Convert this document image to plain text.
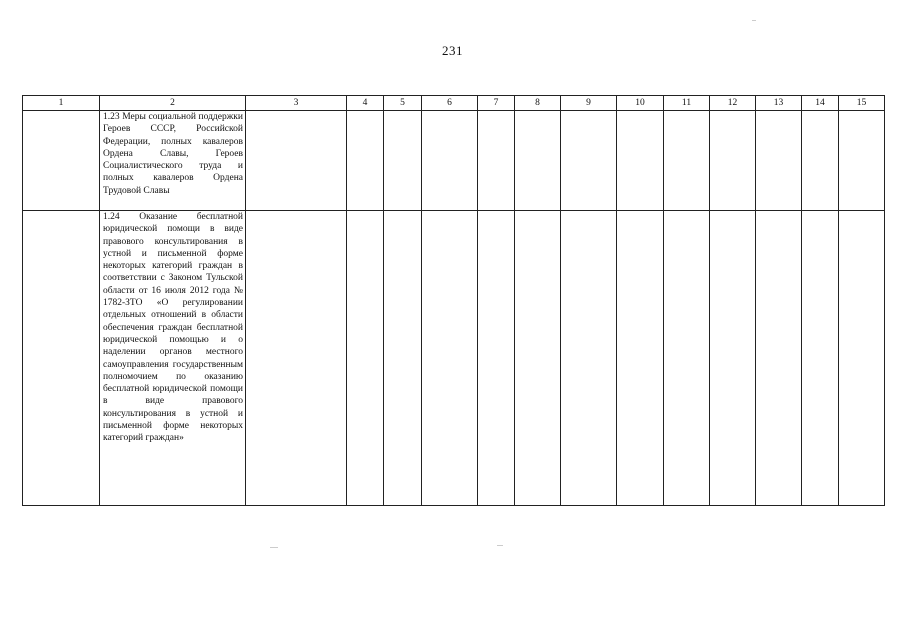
231
1	2	3	4	5	6	7	8	9	10	11	12	13	14	15
	1.23 Меры социальной поддержки Героев СССР, Российской Федерации, полных кавалеров Ордена Славы, Героев Социалистического труда и полных кавалеров Ордена Трудовой Славы													
	1.24 Оказание бесплатной юридической помощи в виде правового консультирования в устной и письменной форме некоторых категорий граждан в соответствии с Законом Тульской области от 16 июля 2012 года № 1782-ЗТО «О регулировании отдельных отношений в области обеспечения граждан бесплатной юридической помощью и о наделении органов местного самоуправления государственным полномочием по оказанию бесплатной юридической помощи в виде правового консультирования в устной и письменной форме некоторых категорий граждан»													
